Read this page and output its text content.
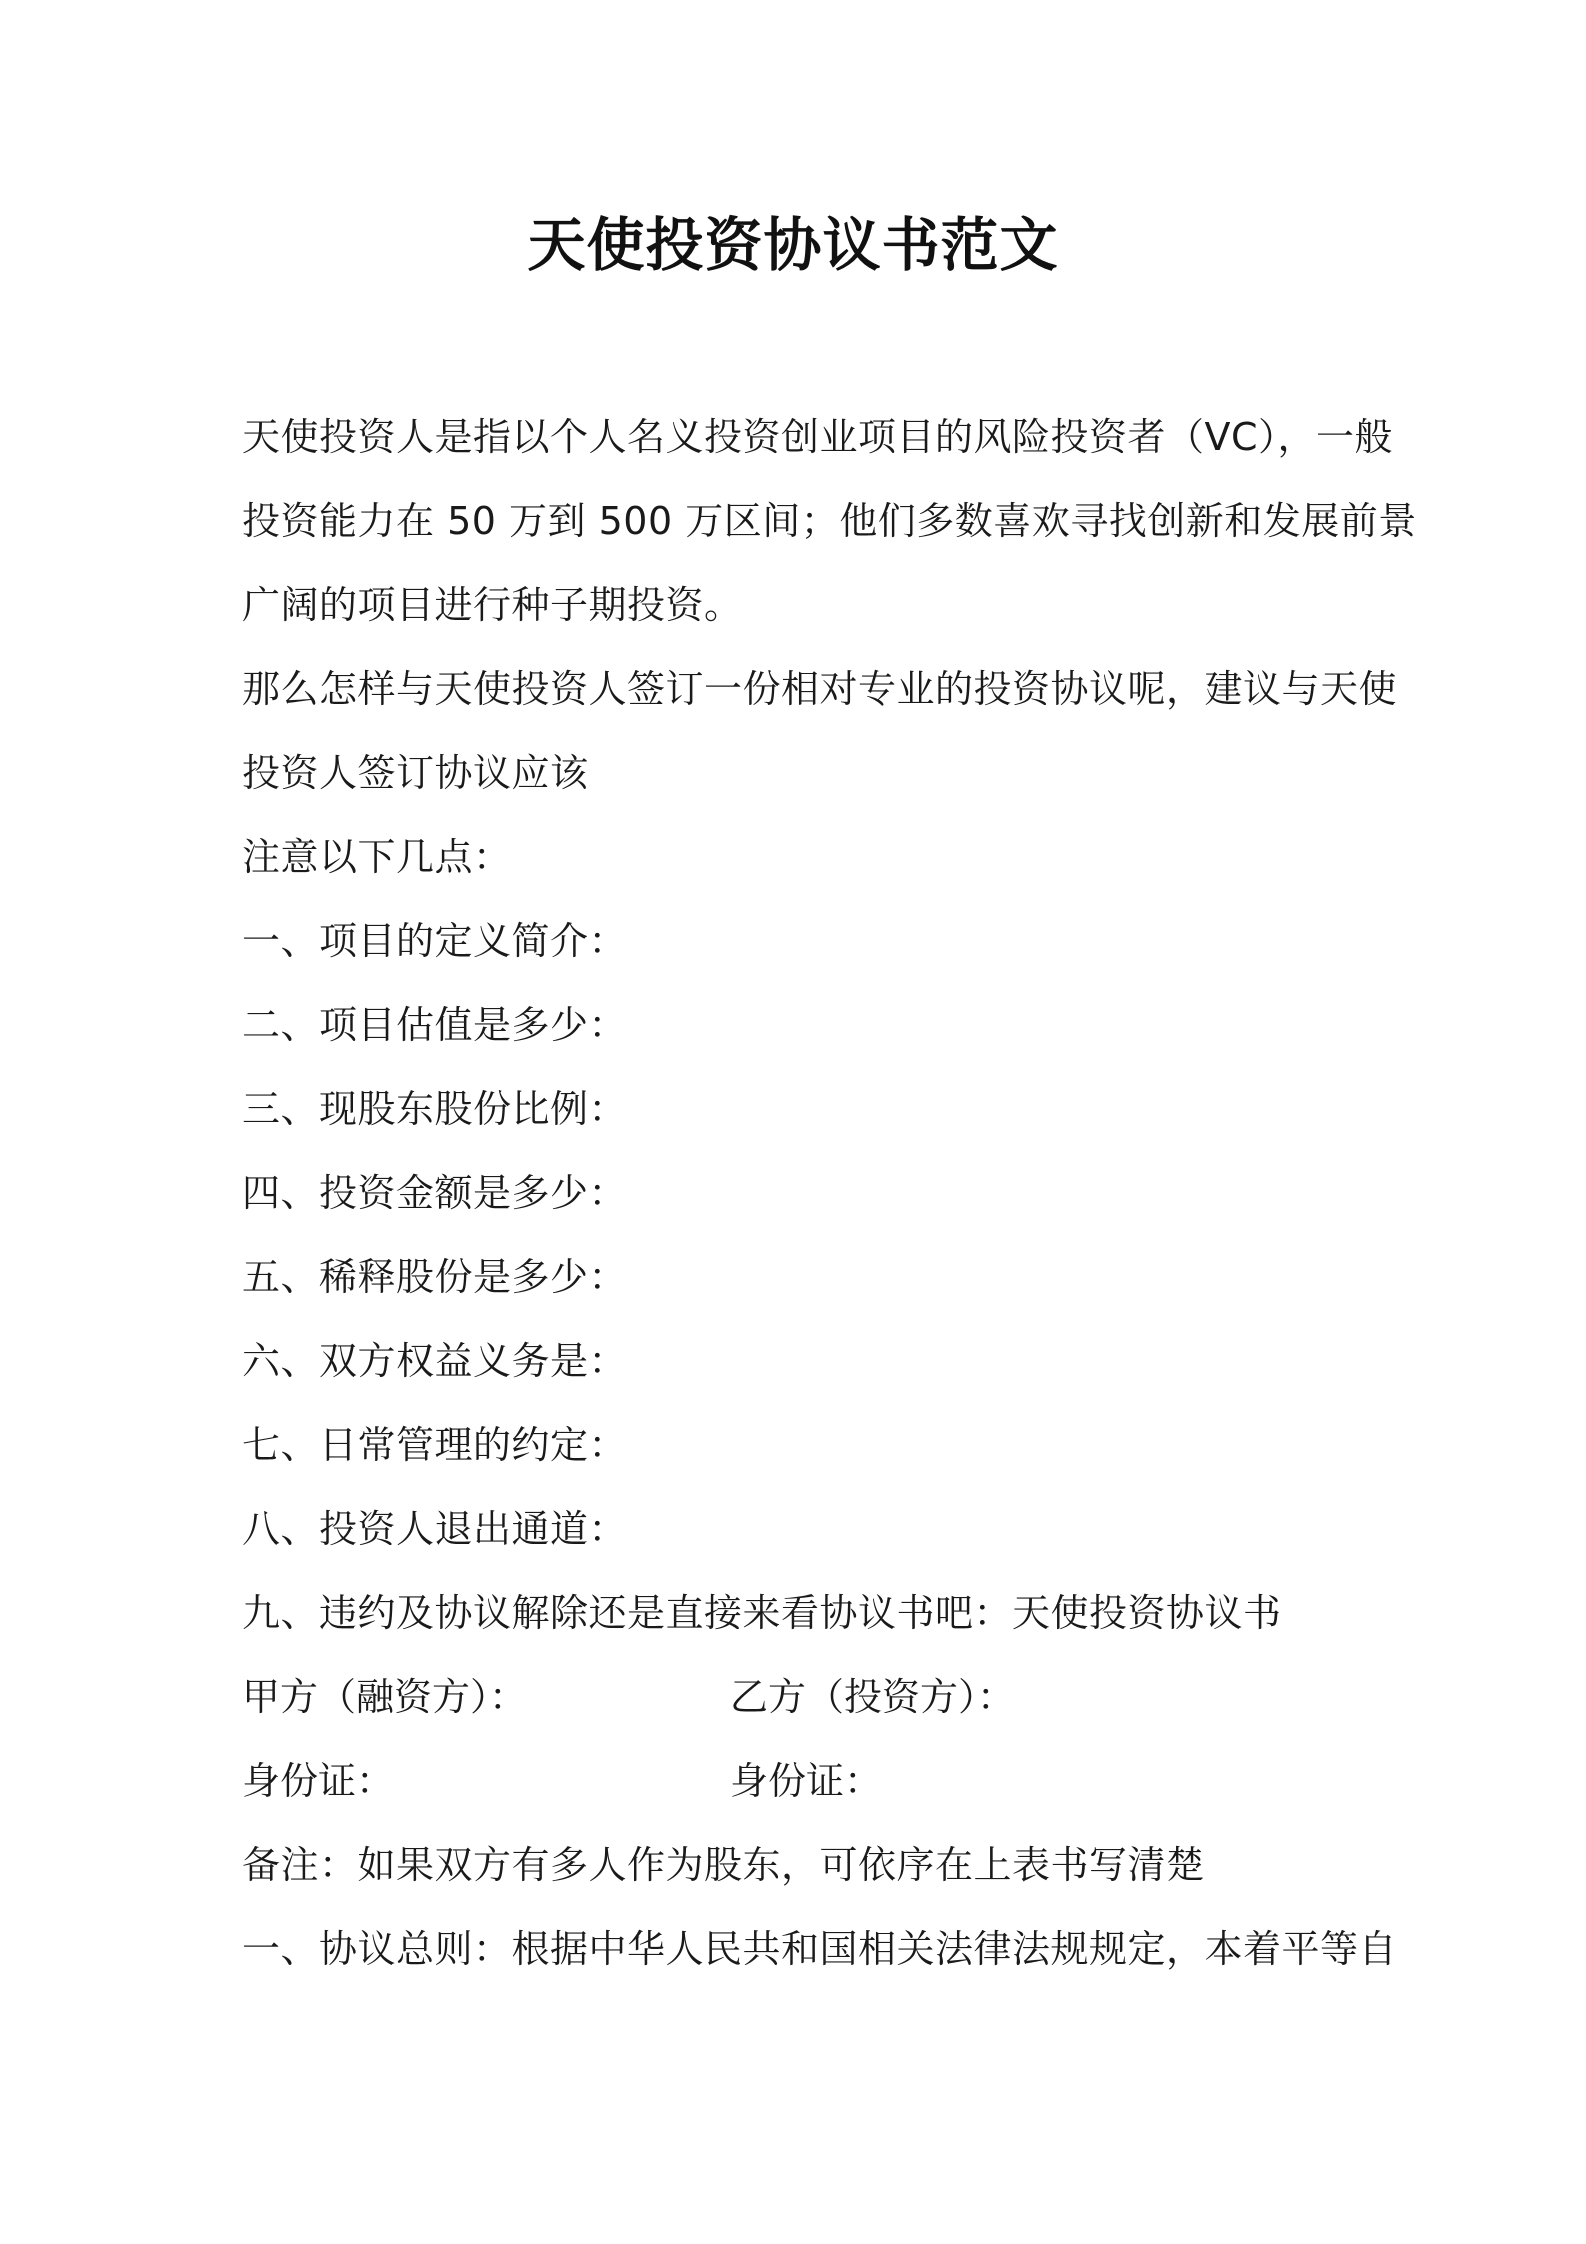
天使投资协议书范文
天使投资人是指以个人名义投资创业项目的风险投资者（VC），一般
投资能力在 50 万到 500 万区间；他们多数喜欢寻找创新和发展前景
广阔的项目进行种子期投资。
那么怎样与天使投资人签订一份相对专业的投资协议呢，建议与天使
投资人签订协议应该
注意以下几点：
一、项目的定义简介：
二、项目估值是多少：
三、现股东股份比例：
四、投资金额是多少：
五、稀释股份是多少：
六、双方权益义务是：
七、日常管理的约定：
八、投资人退出通道：
九、违约及协议解除还是直接来看协议书吧：天使投资协议书
甲方（融资方）：	乙方（投资方）：
身份证：	身份证：
备注：如果双方有多人作为股东，可依序在上表书写清楚
一、协议总则：根据中华人民共和国相关法律法规规定，本着平等自
